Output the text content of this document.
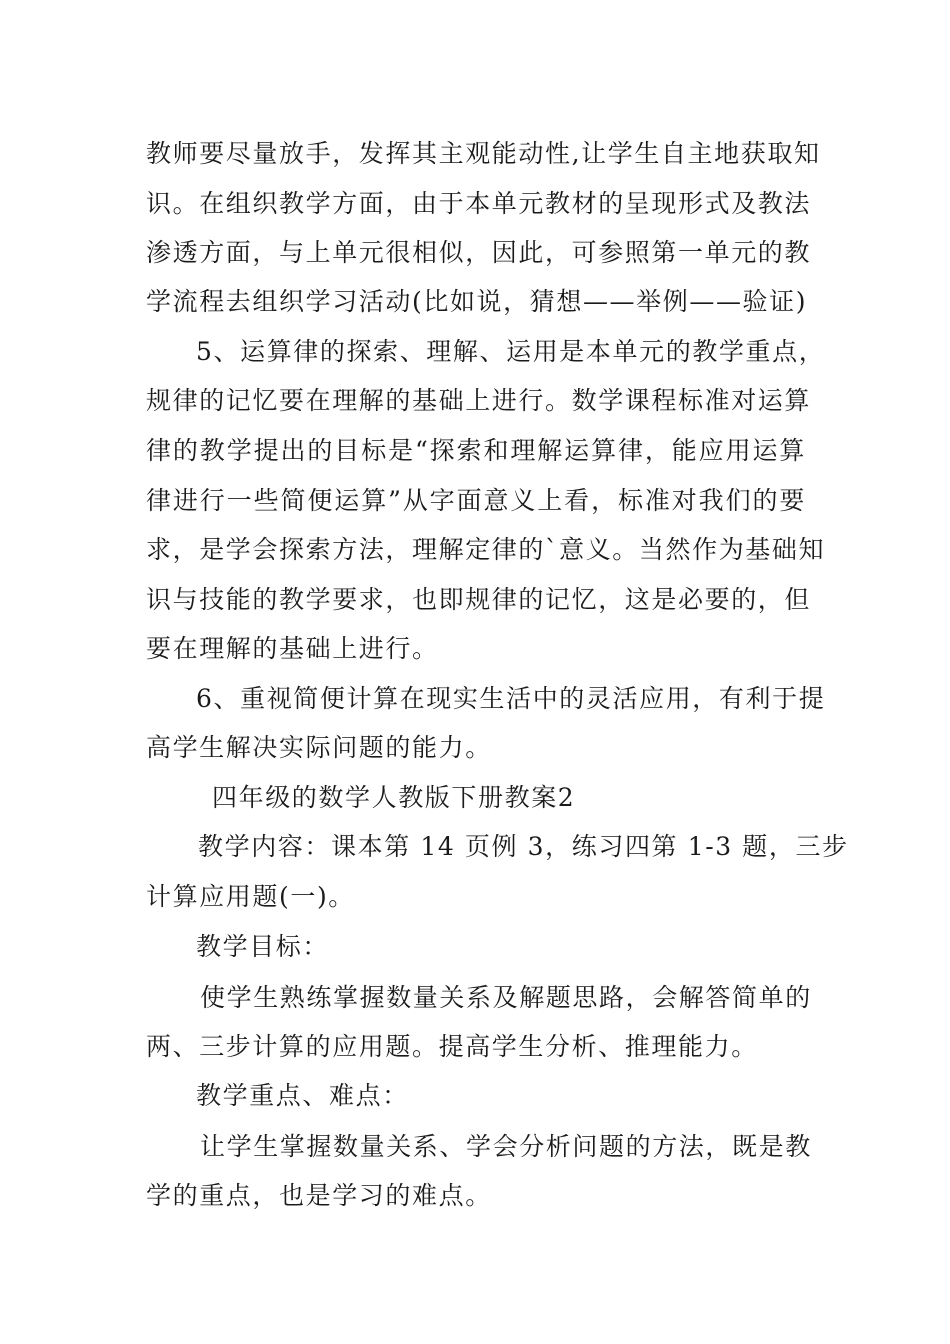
教师要尽量放手，发挥其主观能动性,让学生自主地获取知
识。在组织教学方面，由于本单元教材的呈现形式及教法
渗透方面，与上单元很相似，因此，可参照第一单元的教
学流程去组织学习活动(比如说，猜想——举例——验证)
5、运算律的探索、理解、运用是本单元的教学重点，
规律的记忆要在理解的基础上进行。数学课程标准对运算
律的教学提出的目标是“探索和理解运算律，能应用运算
律进行一些简便运算”从字面意义上看，标准对我们的要
求，是学会探索方法，理解定律的`意义。当然作为基础知
识与技能的教学要求，也即规律的记忆，这是必要的，但
要在理解的基础上进行。
6、重视简便计算在现实生活中的灵活应用，有利于提
高学生解决实际问题的能力。
四年级的数学人教版下册教案2
教学内容：课本第 14 页例 3，练习四第 1-3 题，三步
计算应用题(一)。
教学目标：
使学生熟练掌握数量关系及解题思路，会解答简单的
两、三步计算的应用题。提高学生分析、推理能力。
教学重点、难点：
让学生掌握数量关系、学会分析问题的方法，既是教
学的重点，也是学习的难点。
